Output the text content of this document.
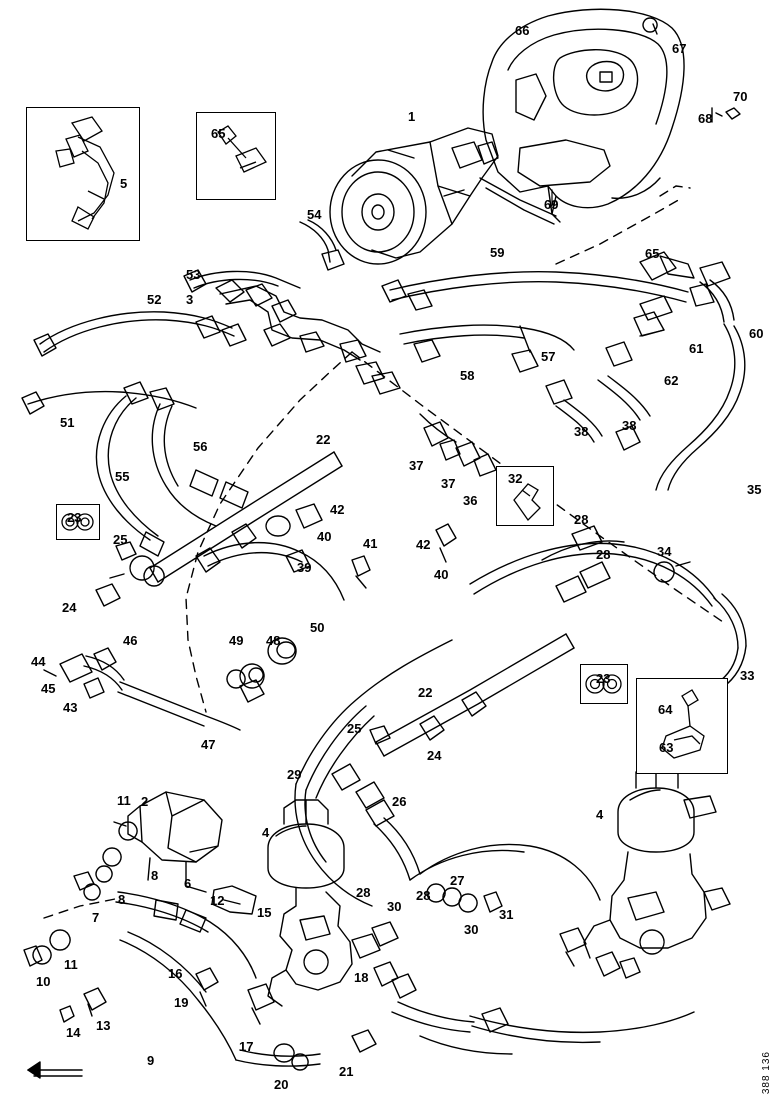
1
2
3
4
4
5
6
7
8
8
9
10
11
11
12
13
14
15
16
17
18
19
20
21
22
22
23
23
24
24
25
25
26
27
28
28
28	28
29
30
30
31
32
33
34
35
36
37
37
38	38
39
40
40
41
42
42
43
44
45
46
47
48
49
50
51
52
53
54
55
56
57
58
59
60
61
62
63
64
65
65
66
67
68
69
70
388 136
